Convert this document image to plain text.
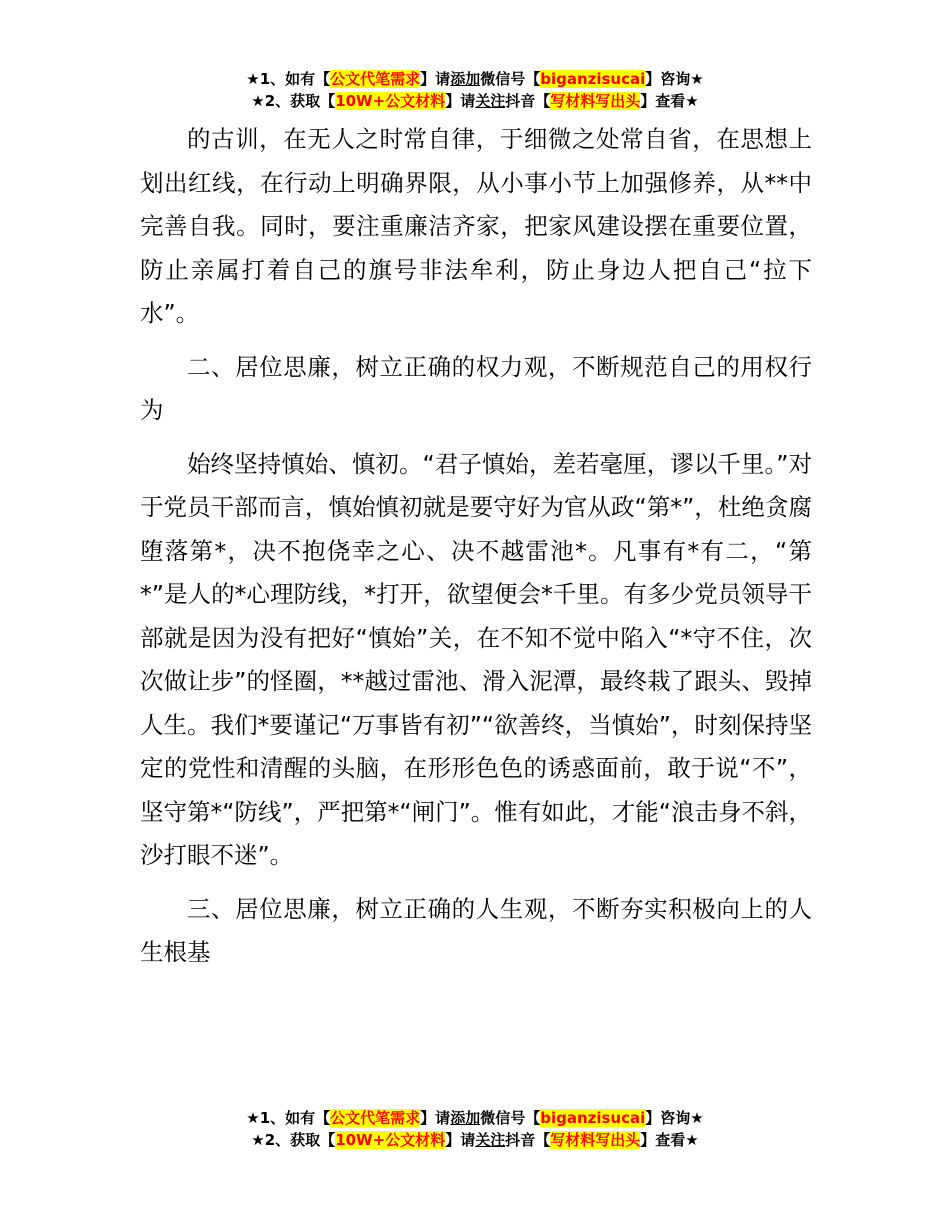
★1、如有【公文代笔需求】请添加微信号【biganzisucai】咨询★
★2、获取【10W+公文材料】请关注抖音【写材料写出头】查看★

的古训，在无人之时常自律，于细微之处常自省，在思想上划出红线，在行动上明确界限，从小事小节上加强修养，从**中完善自我。同时，要注重廉洁齐家，把家风建设摆在重要位置，防止亲属打着自己的旗号非法牟利，防止身边人把自己“拉下水”。

二、居位思廉，树立正确的权力观，不断规范自己的用权行为

始终坚持慎始、慎初。“君子慎始，差若毫厘，谬以千里。”对于党员干部而言，慎始慎初就是要守好为官从政“第*”，杜绝贪腐堕落第*，决不抱侥幸之心、决不越雷池*。凡事有*有二，“第*”是人的*心理防线，*打开，欲望便会*千里。有多少党员领导干部就是因为没有把好“慎始”关，在不知不觉中陷入“*守不住，次次做让步”的怪圈，**越过雷池、滑入泥潭，最终栽了跟头、毁掉人生。我们*要谨记“万事皆有初”“欲善终，当慎始”，时刻保持坚定的党性和清醒的头脑，在形形色色的诱惑面前，敢于说“不”，坚守第*“防线”，严把第*“闸门”。惟有如此，才能“浪击身不斜，沙打眼不迷”。

三、居位思廉，树立正确的人生观，不断夯实积极向上的人生根基

★1、如有【公文代笔需求】请添加微信号【biganzisucai】咨询★
★2、获取【10W+公文材料】请关注抖音【写材料写出头】查看★
